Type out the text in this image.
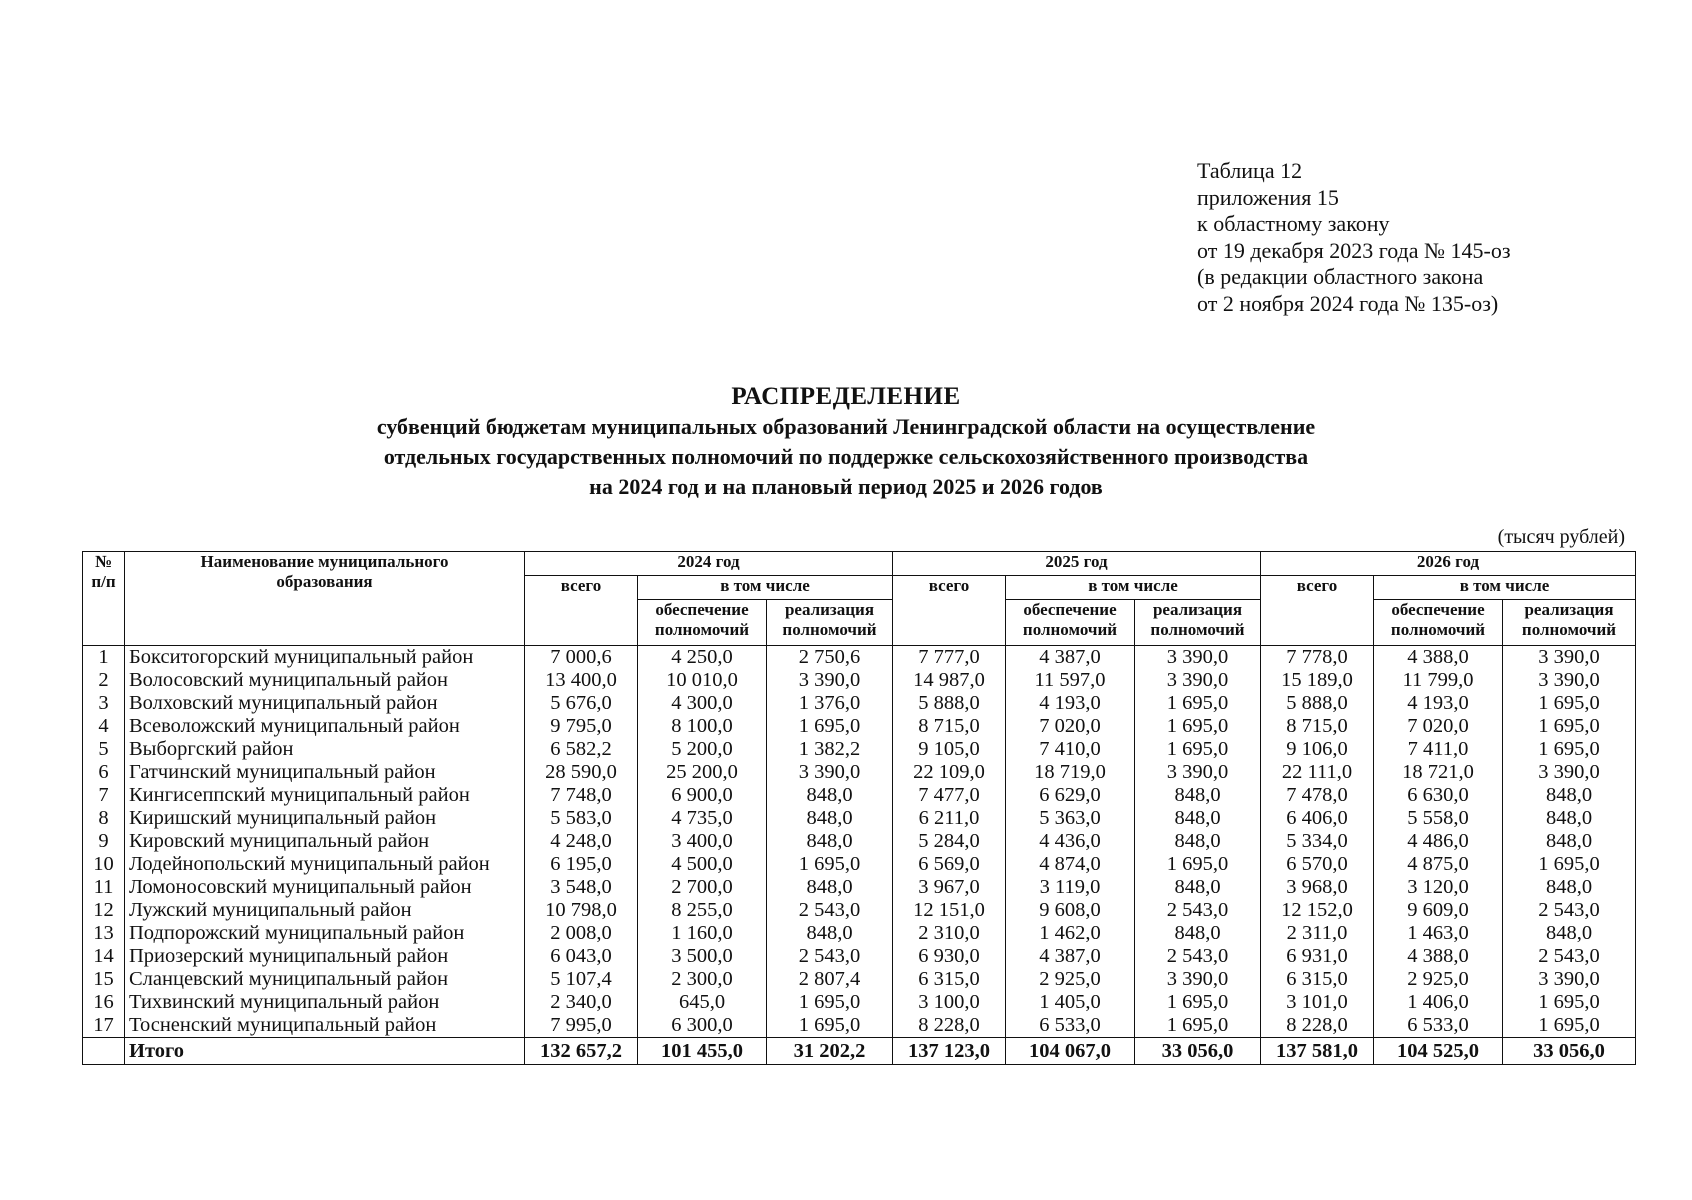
Таблица 12
приложения 15
к областному закону
от 19 декабря 2023 года № 145-оз
(в редакции областного закона
от 2 ноября 2024 года № 135-оз)
РАСПРЕДЕЛЕНИЕ
субвенций бюджетам муниципальных образований Ленинградской области на осуществление
отдельных государственных полномочий по поддержке сельскохозяйственного производства
на 2024 год и на плановый период 2025 и 2026 годов
(тысяч рублей)
№ п/п	Наименование муниципального образования	2024 год			2025 год			2026 год		
		всего	в том числе		всего	в том числе		всего	в том числе	
			обеспечение полномочий	реализация полномочий		обеспечение полномочий	реализация полномочий		обеспечение полномочий	реализация полномочий
1	Бокситогорский муниципальный район	7 000,6	4 250,0	2 750,6	7 777,0	4 387,0	3 390,0	7 778,0	4 388,0	3 390,0
2	Волосовский муниципальный район	13 400,0	10 010,0	3 390,0	14 987,0	11 597,0	3 390,0	15 189,0	11 799,0	3 390,0
3	Волховский муниципальный район	5 676,0	4 300,0	1 376,0	5 888,0	4 193,0	1 695,0	5 888,0	4 193,0	1 695,0
4	Всеволожский муниципальный район	9 795,0	8 100,0	1 695,0	8 715,0	7 020,0	1 695,0	8 715,0	7 020,0	1 695,0
5	Выборгский район	6 582,2	5 200,0	1 382,2	9 105,0	7 410,0	1 695,0	9 106,0	7 411,0	1 695,0
6	Гатчинский муниципальный район	28 590,0	25 200,0	3 390,0	22 109,0	18 719,0	3 390,0	22 111,0	18 721,0	3 390,0
7	Кингисеппский муниципальный район	7 748,0	6 900,0	848,0	7 477,0	6 629,0	848,0	7 478,0	6 630,0	848,0
8	Киришский муниципальный район	5 583,0	4 735,0	848,0	6 211,0	5 363,0	848,0	6 406,0	5 558,0	848,0
9	Кировский муниципальный район	4 248,0	3 400,0	848,0	5 284,0	4 436,0	848,0	5 334,0	4 486,0	848,0
10	Лодейнопольский муниципальный район	6 195,0	4 500,0	1 695,0	6 569,0	4 874,0	1 695,0	6 570,0	4 875,0	1 695,0
11	Ломоносовский муниципальный район	3 548,0	2 700,0	848,0	3 967,0	3 119,0	848,0	3 968,0	3 120,0	848,0
12	Лужский муниципальный район	10 798,0	8 255,0	2 543,0	12 151,0	9 608,0	2 543,0	12 152,0	9 609,0	2 543,0
13	Подпорожский муниципальный район	2 008,0	1 160,0	848,0	2 310,0	1 462,0	848,0	2 311,0	1 463,0	848,0
14	Приозерский муниципальный район	6 043,0	3 500,0	2 543,0	6 930,0	4 387,0	2 543,0	6 931,0	4 388,0	2 543,0
15	Сланцевский муниципальный район	5 107,4	2 300,0	2 807,4	6 315,0	2 925,0	3 390,0	6 315,0	2 925,0	3 390,0
16	Тихвинский муниципальный район	2 340,0	645,0	1 695,0	3 100,0	1 405,0	1 695,0	3 101,0	1 406,0	1 695,0
17	Тосненский муниципальный район	7 995,0	6 300,0	1 695,0	8 228,0	6 533,0	1 695,0	8 228,0	6 533,0	1 695,0
	Итого	132 657,2	101 455,0	31 202,2	137 123,0	104 067,0	33 056,0	137 581,0	104 525,0	33 056,0
